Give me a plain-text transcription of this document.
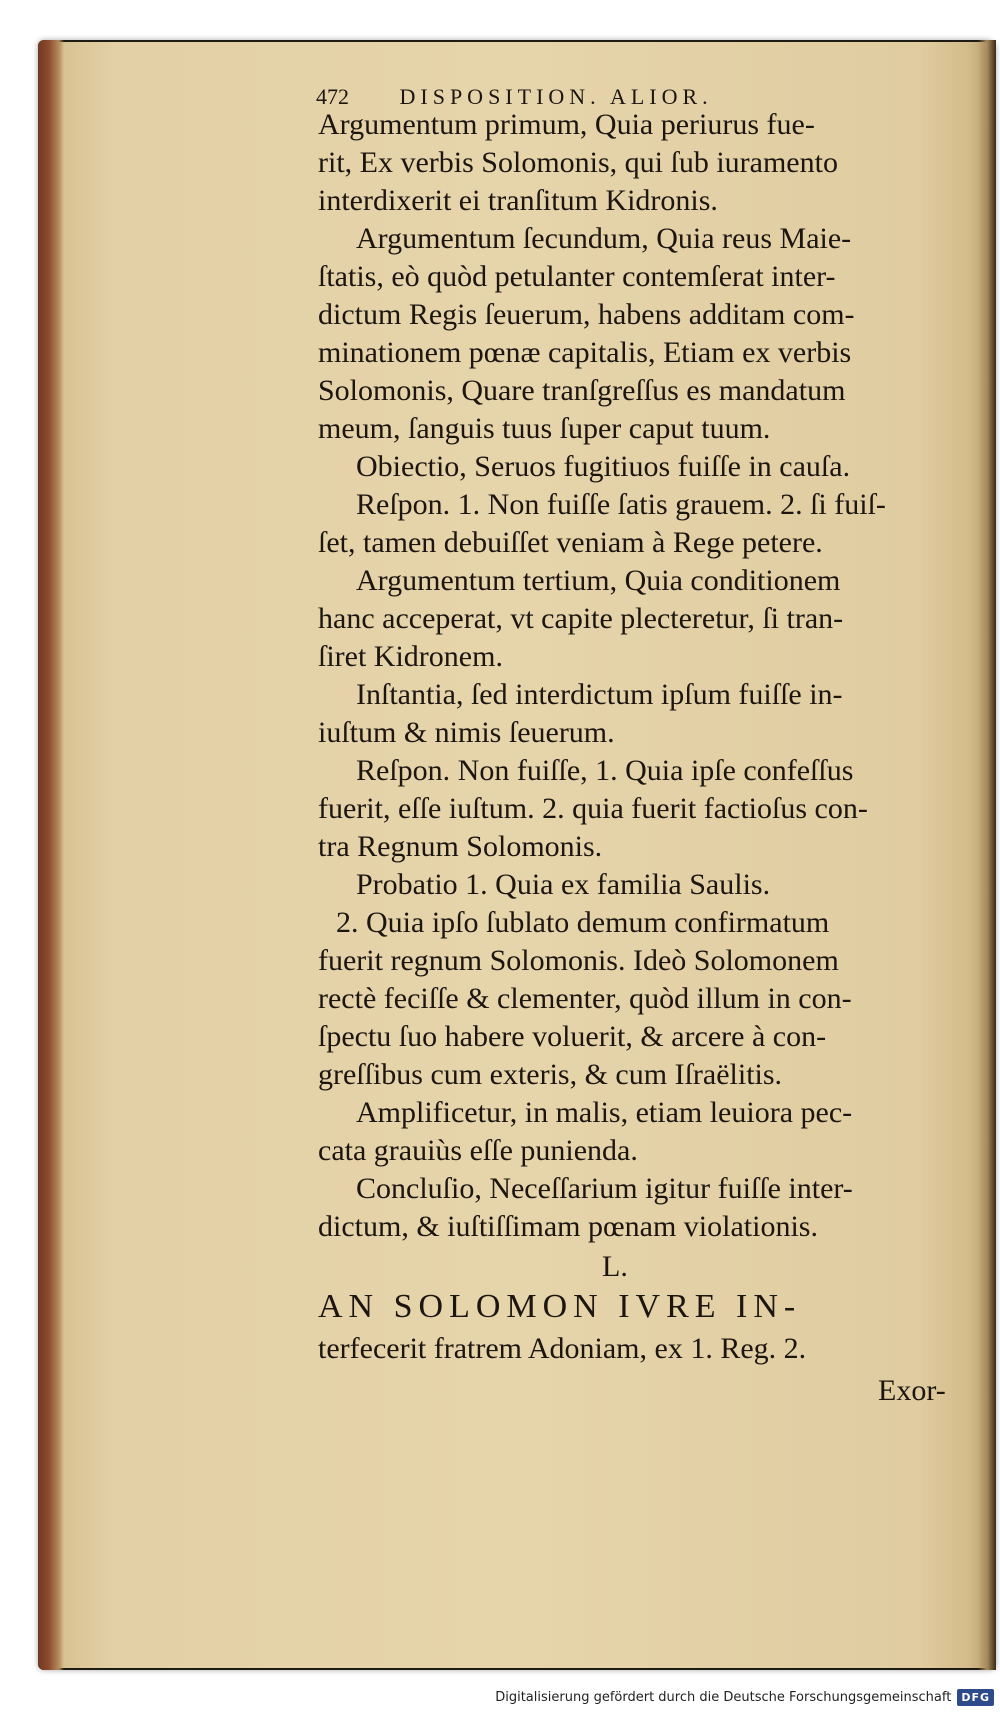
472 DISPOSITION. ALIOR.
Argumentum primum, Quia periurus fue-
rit, Ex verbis Solomonis, qui ſub iuramento
interdixerit ei tranſitum Kidronis.
Argumentum ſecundum, Quia reus Maie-
ſtatis, eò quòd petulanter contemſerat inter-
dictum Regis ſeuerum, habens additam com-
minationem pœnæ capitalis, Etiam ex verbis
Solomonis, Quare tranſgreſſus es mandatum
meum, ſanguis tuus ſuper caput tuum.
Obiectio, Seruos fugitiuos fuiſſe in cauſa.
Reſpon. 1. Non fuiſſe ſatis grauem. 2. ſi fuiſ-
ſet, tamen debuiſſet veniam à Rege petere.
Argumentum tertium, Quia conditionem
hanc acceperat, vt capite plecteretur, ſi tran-
ſiret Kidronem.
Inſtantia, ſed interdictum ipſum fuiſſe in-
iuſtum & nimis ſeuerum.
Reſpon. Non fuiſſe, 1. Quia ipſe confeſſus
fuerit, eſſe iuſtum. 2. quia fuerit factioſus con-
tra Regnum Solomonis.
Probatio 1. Quia ex familia Saulis.
2. Quia ipſo ſublato demum confirmatum
fuerit regnum Solomonis. Ideò Solomonem
rectè feciſſe & clementer, quòd illum in con-
ſpectu ſuo habere voluerit, & arcere à con-
greſſibus cum exteris, & cum Iſraëlitis.
Amplificetur, in malis, etiam leuiora pec-
cata grauiùs eſſe punienda.
Concluſio, Neceſſarium igitur fuiſſe inter-
dictum, & iuſtiſſimam pœnam violationis.
L.
AN SOLOMON IVRE IN-
terfecerit fratrem Adoniam, ex 1. Reg. 2.
Exor-
Digitalisierung gefördert durch die Deutsche Forschungsgemeinschaft DFG
